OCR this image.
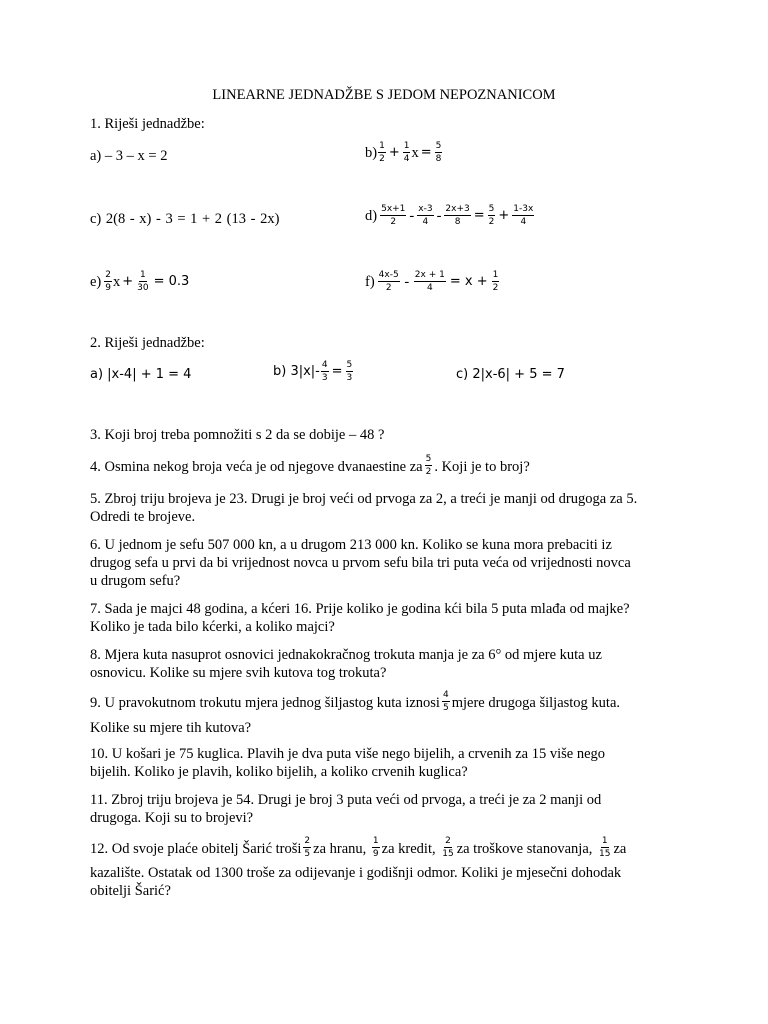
LINEARNE JEDNADŽBE S JEDOM NEPOZNANICOM
1. Riješi jednadžbe:
a) – 3 – x = 2	$b) \frac{1}{2} + \frac{1}{4}$ $x = \frac{5}{8}$
c) 2(8 - x) - 3 = 1 + 2 (13 - 2x)	$d) \frac{5x+1}{2} - \frac{x-3}{4} - \frac{2x+3}{8} = \frac{5}{2} + \frac{1-3x}{4}$
$e) \frac{2}{9}$ $x + \frac{1}{30} = 0.3$	$f) \frac{4x-5}{2} - \frac{2x + 1}{4} = x + \frac{1}{2}$
2. Riješi jednadžbe:
a) |x-4| + 1 = 4	b) $3|x|- \frac{4}{3} = \frac{5}{3}$	c) 2|x-6| + 5 = 7
3. Koji broj treba pomnožiti s 2 da se dobije – 48 ?
4. Osmina nekog broja veća je od njegove dvanaestine za $\frac{5}{2}$ . Koji je to broj?
5. Zbroj triju brojeva je 23. Drugi je broj veći od prvoga za 2, a treći je manji od drugoga za 5.
Odredi te brojeve.
6. U jednom je sefu 507 000 kn, a u drugom 213 000 kn. Koliko se kuna mora prebaciti iz
drugog sefa u prvi da bi vrijednost novca u prvom sefu bila tri puta veća od vrijednosti novca
u drugom sefu?
7. Sada je majci 48 godina, a kćeri 16. Prije koliko je godina kći bila 5 puta mlađa od majke?
Koliko je tada bilo kćerki, a koliko majci?
8. Mjera kuta nasuprot osnovici jednakokračnog trokuta manja je za 6° od mjere kuta uz
osnovicu. Kolike su mjere svih kutova tog trokuta?
9. U pravokutnom trokutu mjera jednog šiljastog kuta iznosi $\frac{4}{5}$ mjere drugoga šiljastog kuta.
Kolike su mjere tih kutova?
10. U košari je 75 kuglica. Plavih je dva puta više nego bijelih, a crvenih za 15 više nego
bijelih. Koliko je plavih, koliko bijelih, a koliko crvenih kuglica?
11. Zbroj triju brojeva je 54. Drugi je broj 3 puta veći od prvoga, a treći je za 2 manji od
drugoga. Koji su to brojevi?
12. Od svoje plaće obitelj Šarić troši $\frac{2}{5}$ za hranu, $\frac{1}{9}$ za kredit, $\frac{2}{15}$ za troškove stanovanja, $\frac{1}{15}$ za
kazalište. Ostatak od 1300 troše za odijevanje i godišnji odmor. Koliki je mjesečni dohodak
obitelji Šarić?
